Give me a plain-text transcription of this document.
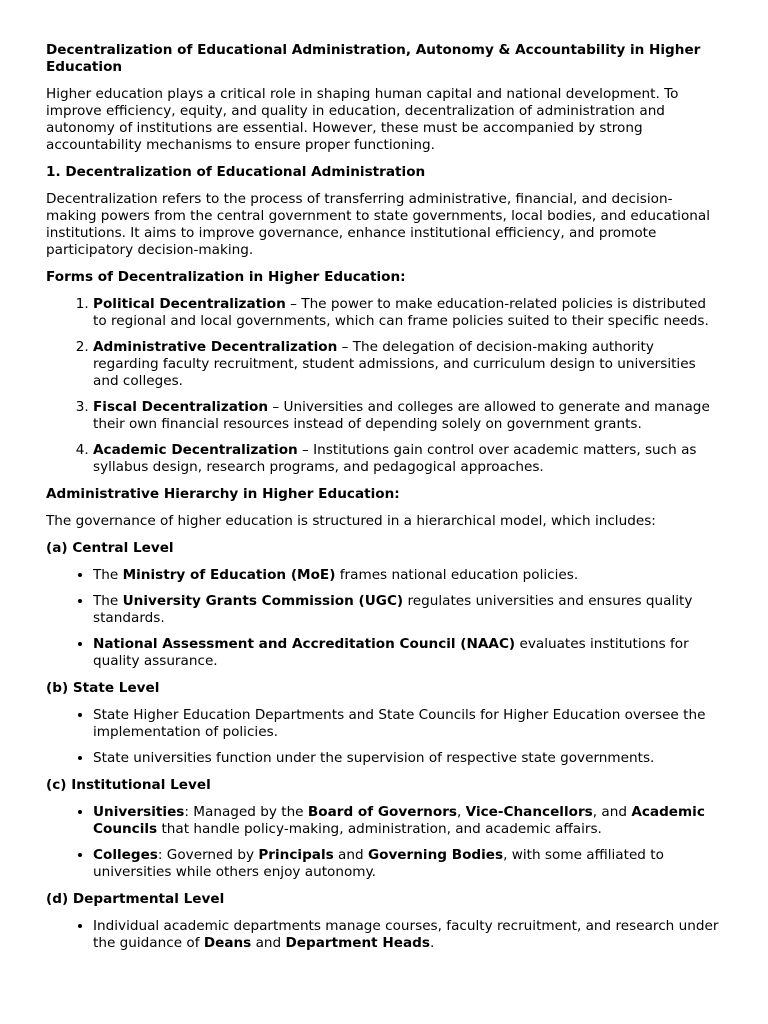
Decentralization of Educational Administration, Autonomy & Accountability in Higher Education

Higher education plays a critical role in shaping human capital and national development. To improve efficiency, equity, and quality in education, decentralization of administration and autonomy of institutions are essential. However, these must be accompanied by strong accountability mechanisms to ensure proper functioning.

1. Decentralization of Educational Administration

Decentralization refers to the process of transferring administrative, financial, and decision-making powers from the central government to state governments, local bodies, and educational institutions. It aims to improve governance, enhance institutional efficiency, and promote participatory decision-making.

Forms of Decentralization in Higher Education:
1. Political Decentralization – The power to make education-related policies is distributed to regional and local governments, which can frame policies suited to their specific needs.
2. Administrative Decentralization – The delegation of decision-making authority regarding faculty recruitment, student admissions, and curriculum design to universities and colleges.
3. Fiscal Decentralization – Universities and colleges are allowed to generate and manage their own financial resources instead of depending solely on government grants.
4. Academic Decentralization – Institutions gain control over academic matters, such as syllabus design, research programs, and pedagogical approaches.
Administrative Hierarchy in Higher Education:

The governance of higher education is structured in a hierarchical model, which includes:

(a) Central Level
• The Ministry of Education (MoE) frames national education policies.
• The University Grants Commission (UGC) regulates universities and ensures quality standards.
• National Assessment and Accreditation Council (NAAC) evaluates institutions for quality assurance.
(b) State Level
• State Higher Education Departments and State Councils for Higher Education oversee the implementation of policies.
• State universities function under the supervision of respective state governments.
(c) Institutional Level
• Universities: Managed by the Board of Governors, Vice-Chancellors, and Academic Councils that handle policy-making, administration, and academic affairs.
• Colleges: Governed by Principals and Governing Bodies, with some affiliated to universities while others enjoy autonomy.
(d) Departmental Level
• Individual academic departments manage courses, faculty recruitment, and research under the guidance of Deans and Department Heads.
